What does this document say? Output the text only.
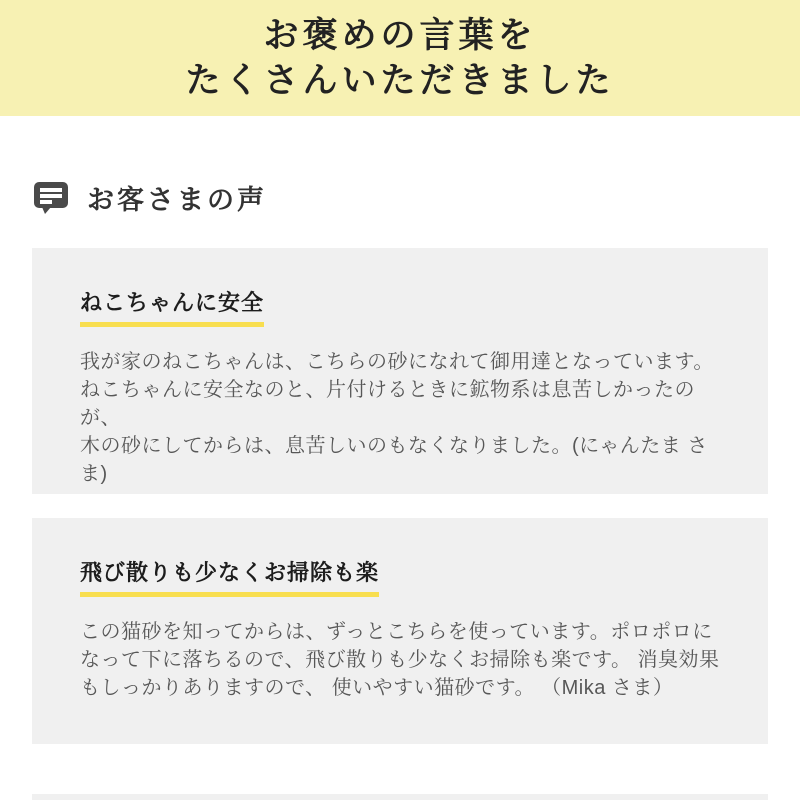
お褒めの言葉を
たくさんいただきました
お客さまの声
ねこちゃんに安全
我が家のねこちゃんは、こちらの砂になれて御用達となっています。
ねこちゃんに安全なのと、片付けるときに鉱物系は息苦しかったのが、
木の砂にしてからは、息苦しいのもなくなりました。(にゃんたま さま)
飛び散りも少なくお掃除も楽
この猫砂を知ってからは、ずっとこちらを使っています。ポロポロに
なって下に落ちるので、飛び散りも少なくお掃除も楽です。 消臭効果
もしっかりありますので、 使いやすい猫砂です。 （Mika さま）
